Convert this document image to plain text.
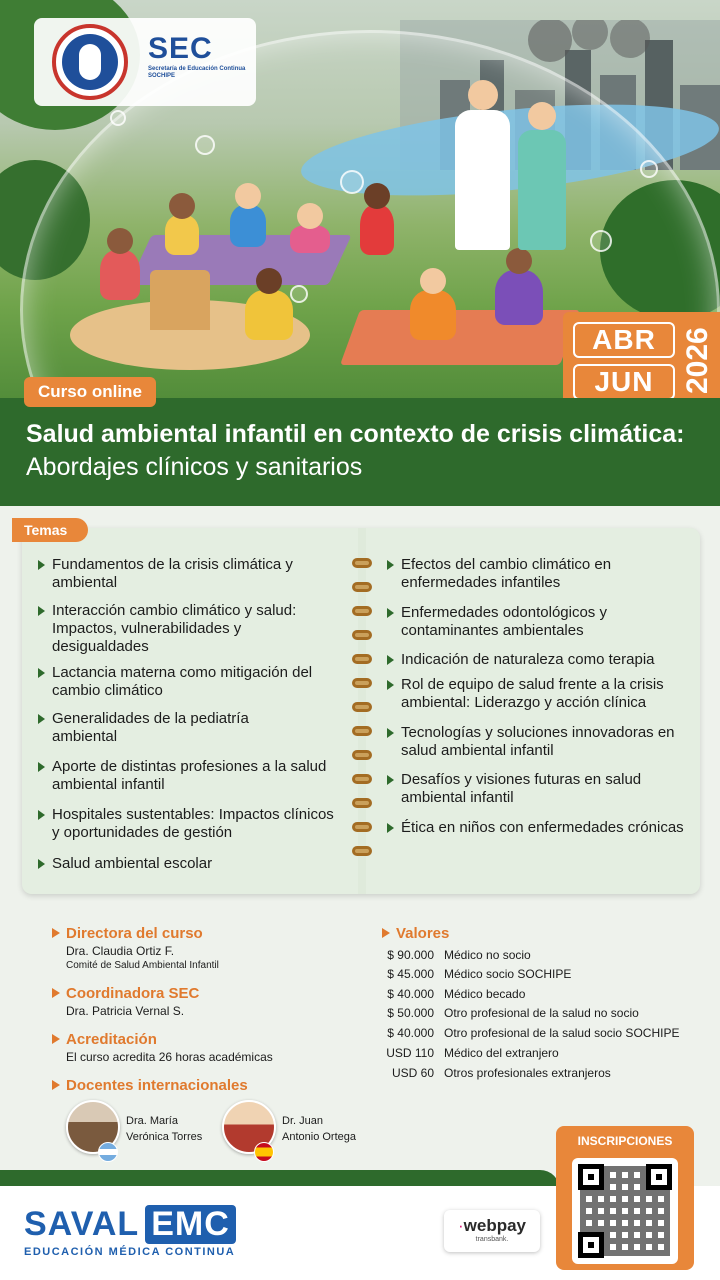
SEC
Secretaría de Educación Continua SOCHIPE
ABR
JUN 2026
Curso online
Salud ambiental infantil en contexto de crisis climática: Abordajes clínicos y sanitarios
Temas
Fundamentos de la crisis climática y ambiental
Interacción cambio climático y salud: Impactos, vulnerabilidades y desigualdades
Lactancia materna como mitigación del cambio climático
Generalidades de la pediatría ambiental
Aporte de distintas profesiones a la salud ambiental infantil
Hospitales sustentables: Impactos clínicos y oportunidades de gestión
Salud ambiental escolar
Efectos del cambio climático en enfermedades infantiles
Enfermedades odontológicos y contaminantes ambientales
Indicación de naturaleza como terapia
Rol de equipo de salud frente a la crisis ambiental: Liderazgo y acción clínica
Tecnologías y soluciones innovadoras en salud ambiental infantil
Desafíos y visiones futuras en salud ambiental infantil
Ética en niños con enfermedades crónicas
Directora del curso
Dra. Claudia Ortiz F.
Comité de Salud Ambiental Infantil
Coordinadora SEC
Dra. Patricia Vernal S.
Acreditación
El curso acredita 26 horas académicas
Docentes internacionales
Dra. María
Verónica Torres
Dr. Juan
Antonio Ortega
Valores
$ 90.000 Médico no socio
$ 45.000 Médico socio SOCHIPE
$ 40.000 Médico becado
$ 50.000 Otro profesional de la salud no socio
$ 40.000 Otro profesional de la salud socio SOCHIPE
USD 110 Médico del extranjero
USD 60 Otros profesionales extranjeros
SAVAL EMC
EDUCACIÓN MÉDICA CONTINUA
·webpay
transbank.
INSCRIPCIONES
